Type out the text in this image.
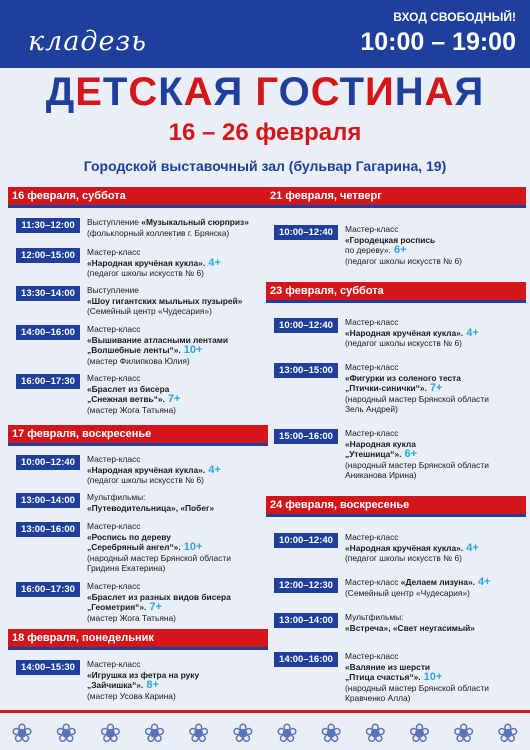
кладезь
ВХОД СВОБОДНЫЙ!
10:00 – 19:00
ДЕТСКАЯ ГОСТИНАЯ
16 – 26 февраля
Городской выставочный зал (бульвар Гагарина, 19)
16 февраля, суббота
11:30–12:00	Выступление «Музыкальный сюрприз»
(фольклорный коллектив г. Брянска)
12:00–15:00	Мастер-класс
«Народная кручёная кукла». 4+
(педагог школы искусств № 6)
13:30–14:00	Выступление
«Шоу гигантских мыльных пузырей»
(Семейный центр «Чудесария»)
14:00–16:00	Мастер-класс
«Вышивание атласными лентами
„Волшебные ленты“». 10+
(мастер Филипкова Юлия)
16:00–17:30	Мастер-класс
«Браслет из бисера
„Снежная ветвь“». 7+
(мастер Жога Татьяна)
17 февраля, воскресенье
10:00–12:40	Мастер-класс
«Народная кручёная кукла». 4+
(педагог школы искусств № 6)
13:00–14:00	Мультфильмы:
«Путеводительница», «Побег»
13:00–16:00	Мастер-класс
«Роспись по дереву
„Серебряный ангел“». 10+
(народный мастер Брянской области
Гридина Екатерина)
16:00–17:30	Мастер-класс
«Браслет из разных видов бисера
„Геометрия“». 7+
(мастер Жога Татьяна)
18 февраля, понедельник
14:00–15:30	Мастер-класс
«Игрушка из фетра на руку
„Зайчишка“». 8+
(мастер Усова Карина)
21 февраля, четверг
10:00–12:40	Мастер-класс
«Городецкая роспись
по дереву». 6+
(педагог школы искусств № 6)
23 февраля, суббота
10:00–12:40	Мастер-класс
«Народная кручёная кукла». 4+
(педагог школы искусств № 6)
13:00–15:00	Мастер-класс
«Фигурки из соленого теста
„Птички-синички“». 7+
(народный мастер Брянской области
Зель Андрей)
15:00–16:00	Мастер-класс
«Народная кукла
„Утешница“». 6+
(народный мастер Брянской области
Аниканова Ирина)
24 февраля, воскресенье
10:00–12:40	Мастер-класс
«Народная кручёная кукла». 4+
(педагог школы искусств № 6)
12:00–12:30	Мастер-класс «Делаем лизуна». 4+
(Семейный центр «Чудесария»)
13:00–14:00	Мультфильмы:
«Встреча», «Свет неугасимый»
14:00–16:00	Мастер-класс
«Валяние из шерсти
„Птица счастья“». 10+
(народный мастер Брянской области
Кравченко Алла)
❀ ❀ ❀ ❀ ❀ ❀ ❀ ❀ ❀ ❀ ❀ ❀
